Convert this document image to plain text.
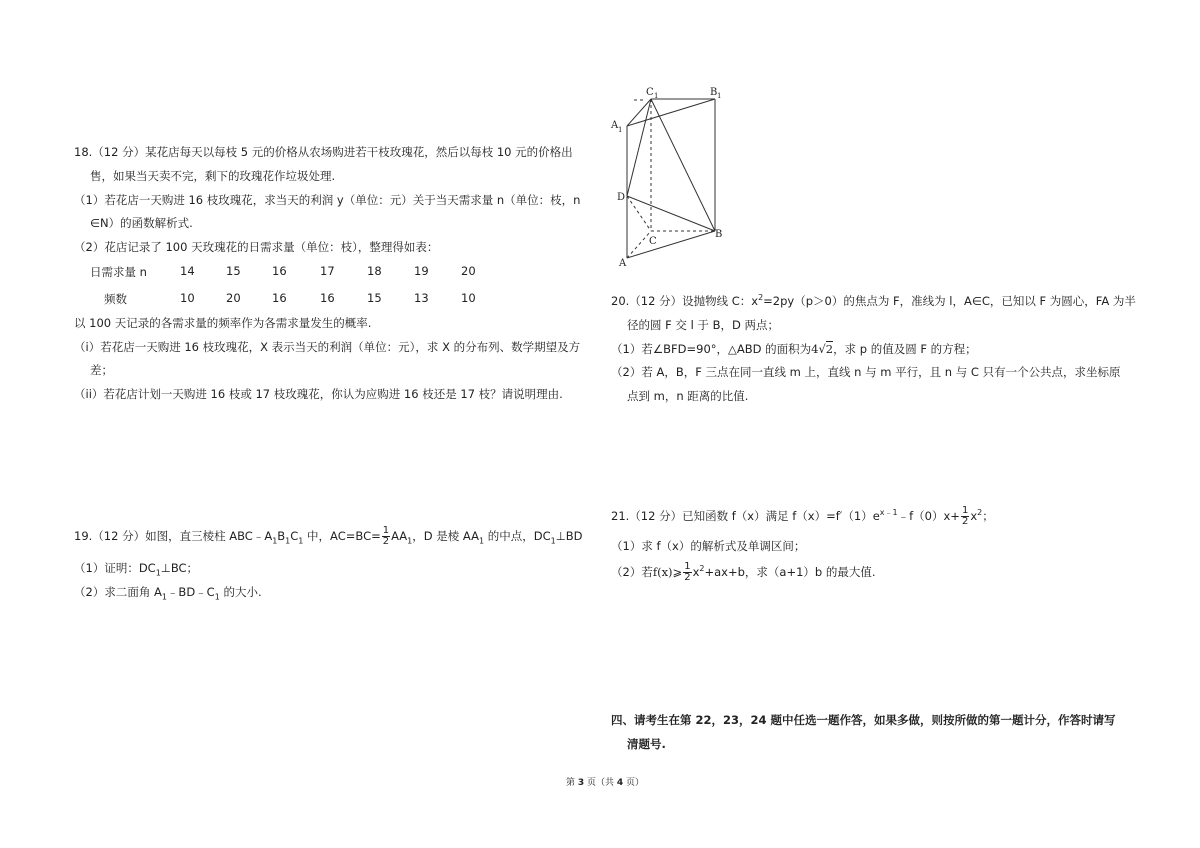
18.（12 分）某花店每天以每枝 5 元的价格从农场购进若干枝玫瑰花，然后以每枝 10 元的价格出
售，如果当天卖不完，剩下的玫瑰花作垃圾处理.
（1）若花店一天购进 16 枝玫瑰花，求当天的利润 y（单位：元）关于当天需求量 n（单位：枝，n
∈N）的函数解析式.
（2）花店记录了 100 天玫瑰花的日需求量（单位：枝），整理得如表：
日需求量 n	14	15	16	17	18	19	20
频数	10	20	16	16	15	13	10
以 100 天记录的各需求量的频率作为各需求量发生的概率.
（i）若花店一天购进 16 枝玫瑰花，X 表示当天的利润（单位：元），求 X 的分布列、数学期望及方
差；
（ii）若花店计划一天购进 16 枝或 17 枝玫瑰花，你认为应购进 16 枝还是 17 枝？请说明理由.
19.（12 分）如图，直三棱柱 $ABC﹣A_1B_1C_1$ 中，$AC=BC= \frac{1}{2} AA_1$，D 是棱 $AA_1$ 的中点，$DC_1\perp BD$
（1）证明：$DC_1\perp BC$；
（2）求二面角 $A_1﹣BD﹣C_1$ 的大小.
C 1	B 1
A 1
D
C
B
A
20.（12 分）设抛物线 C：$x^2=2py(p>0)$的焦点为 F，准线为 l，A∈C，已知以 F 为圆心，FA 为半
径的圆 F 交 l 于 B，D 两点；
（1）若∠BFD=90°，△ABD 的面积为4√2，求 p 的值及圆 F 的方程；
（2）若 A，B，F 三点在同一直线 m 上，直线 n 与 m 平行，且 n 与 C 只有一个公共点，求坐标原
点到 m，n 距离的比值.
21.（12 分）已知函数 f（x）满足 $f(x)=f'(1)e^{x﹣1}﹣f(0)x+ \frac{1}{2} x^2$；
（1）求 f（x）的解析式及单调区间；
（2）若f(x)⩾ $\frac{1}{2} x^2+ax+b$，求（a+1）b 的最大值.
四、请考生在第 22，23，24 题中任选一题作答，如果多做，则按所做的第一题计分，作答时请写
清题号.
第 3 页（共 4 页）
